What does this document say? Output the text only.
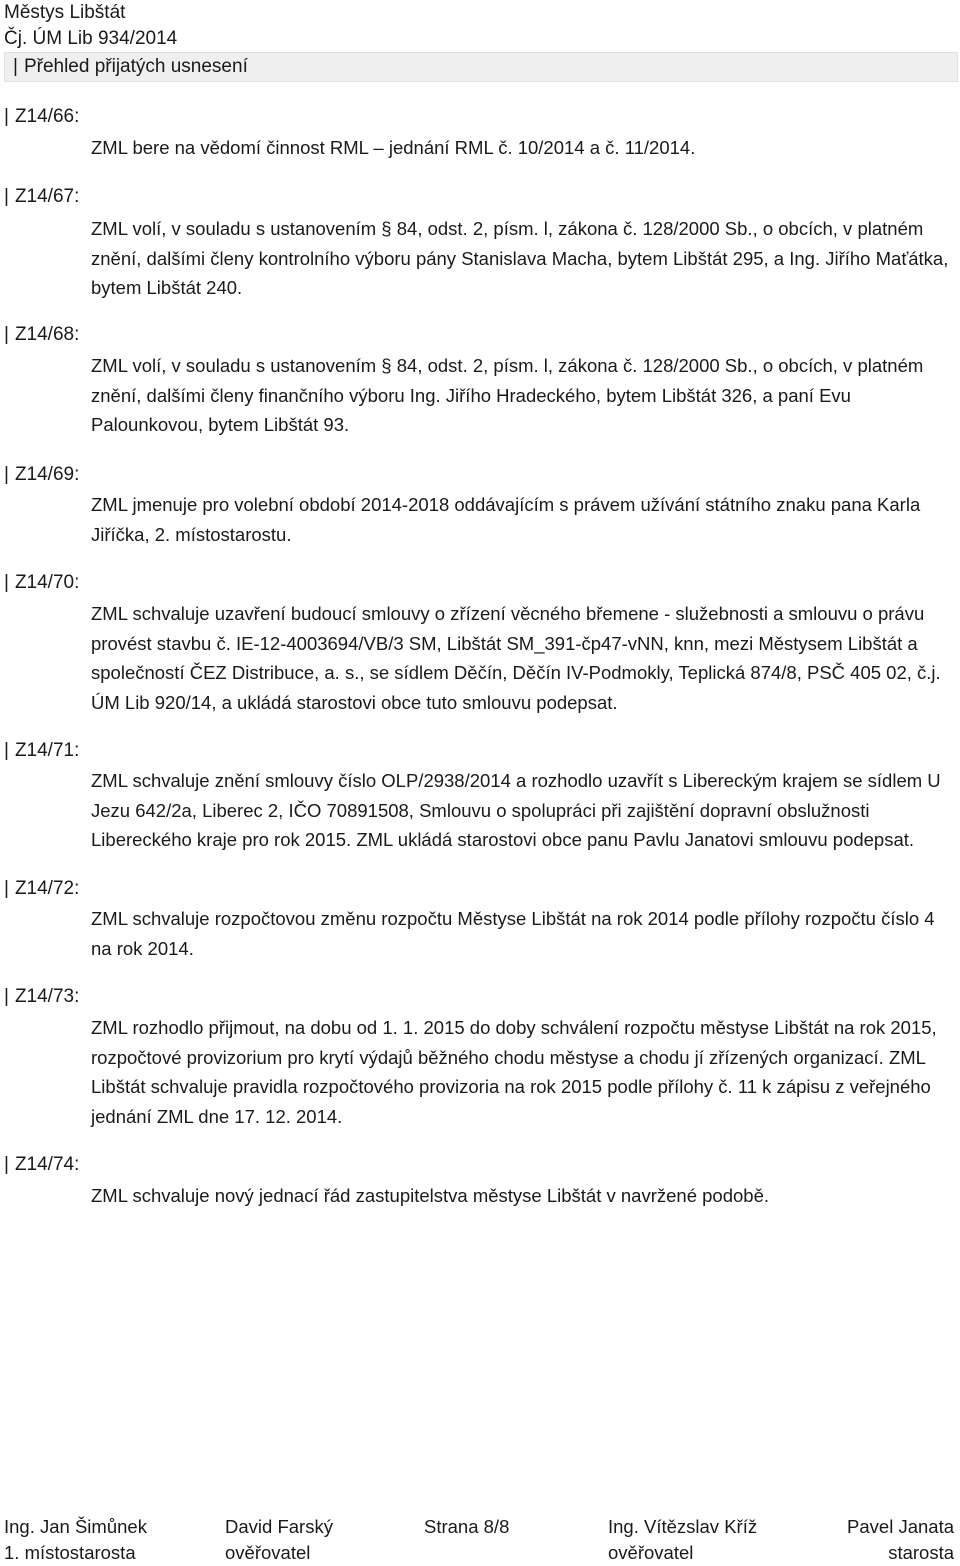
Městys Libštát
Čj. ÚM Lib 934/2014
| Přehled přijatých usnesení
| Z14/66:
ZML bere na vědomí činnost RML – jednání RML č. 10/2014 a č. 11/2014.
| Z14/67:
ZML volí, v souladu s ustanovením § 84, odst. 2, písm. l, zákona č. 128/2000 Sb., o obcích, v platném znění, dalšími členy kontrolního výboru pány Stanislava Macha, bytem Libštát 295, a Ing. Jiřího Maťátka, bytem Libštát 240.
| Z14/68:
ZML volí, v souladu s ustanovením § 84, odst. 2, písm. l, zákona č. 128/2000 Sb., o obcích, v platném znění, dalšími členy finančního výboru Ing. Jiřího Hradeckého, bytem Libštát 326, a paní Evu Palounkovou, bytem Libštát 93.
| Z14/69:
ZML jmenuje pro volební období 2014-2018 oddávajícím s právem užívání státního znaku pana Karla Jiříčka, 2. místostarostu.
| Z14/70:
ZML schvaluje uzavření budoucí smlouvy o zřízení věcného břemene - služebnosti a smlouvu o právu provést stavbu č. IE-12-4003694/VB/3 SM, Libštát SM_391-čp47-vNN, knn, mezi Městysem Libštát a společností ČEZ Distribuce, a. s., se sídlem Děčín, Děčín IV-Podmokly, Teplická 874/8, PSČ 405 02, č.j. ÚM Lib 920/14, a ukládá starostovi obce tuto smlouvu podepsat.
| Z14/71:
ZML schvaluje znění smlouvy číslo OLP/2938/2014 a rozhodlo uzavřít s Libereckým krajem se sídlem U Jezu 642/2a, Liberec 2, IČO 70891508, Smlouvu o spolupráci při zajištění dopravní obslužnosti Libereckého kraje pro rok 2015. ZML ukládá starostovi obce panu Pavlu Janatovi smlouvu podepsat.
| Z14/72:
ZML schvaluje rozpočtovou změnu rozpočtu Městyse Libštát na rok 2014 podle přílohy rozpočtu číslo 4 na rok 2014.
| Z14/73:
ZML rozhodlo přijmout, na dobu od 1. 1. 2015 do doby schválení rozpočtu městyse Libštát na rok 2015, rozpočtové provizorium pro krytí výdajů běžného chodu městyse a chodu jí zřízených organizací. ZML Libštát schvaluje pravidla rozpočtového provizoria na rok 2015 podle přílohy č. 11 k zápisu z veřejného jednání ZML dne 17. 12. 2014.
| Z14/74:
ZML schvaluje nový jednací řád zastupitelstva městyse Libštát v navržené podobě.
Ing. Jan Šimůnek
1. místostarosta
David Farský
ověřovatel
Strana 8/8	Ing. Vítězslav Kříž
ověřovatel
Pavel Janata
starosta
